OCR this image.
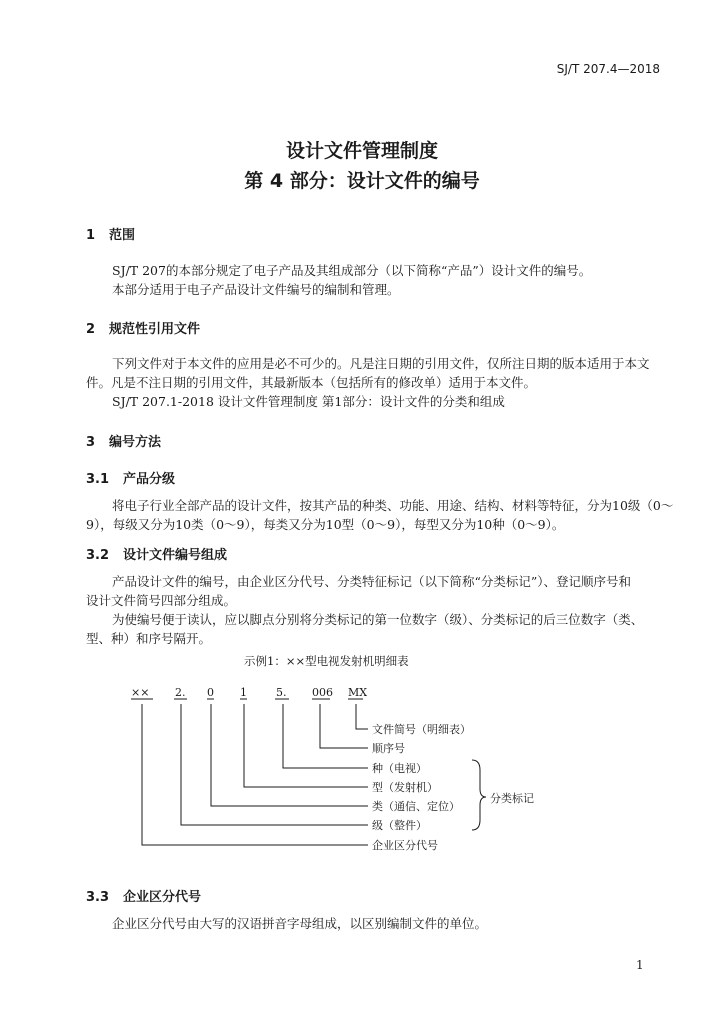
SJ/T 207.4—2018
设计文件管理制度
第 4 部分：设计文件的编号
1 范围
SJ/T 207的本部分规定了电子产品及其组成部分（以下简称“产品”）设计文件的编号。
本部分适用于电子产品设计文件编号的编制和管理。
2 规范性引用文件
下列文件对于本文件的应用是必不可少的。凡是注日期的引用文件，仅所注日期的版本适用于本文
件。凡是不注日期的引用文件，其最新版本（包括所有的修改单）适用于本文件。
SJ/T 207.1-2018 设计文件管理制度 第1部分：设计文件的分类和组成
3 编号方法
3.1 产品分级
将电子行业全部产品的设计文件，按其产品的种类、功能、用途、结构、材料等特征，分为10级（0～
9），每级又分为10类（0～9），每类又分为10型（0～9），每型又分为10种（0～9）。
3.2 设计文件编号组成
产品设计文件的编号，由企业区分代号、分类特征标记（以下简称“分类标记”）、登记顺序号和
设计文件简号四部分组成。
为使编号便于读认，应以脚点分别将分类标记的第一位数字（级）、分类标记的后三位数字（类、
型、种）和序号隔开。
示例1：××型电视发射机明细表
×× 2. 0 1	5. 006 MX
文件简号（明细表）
顺序号
种（电视）
型（发射机）
类（通信、定位）
级（整件）
企业区分代号
分类标记
3.3 企业区分代号
企业区分代号由大写的汉语拼音字母组成，以区别编制文件的单位。
1
